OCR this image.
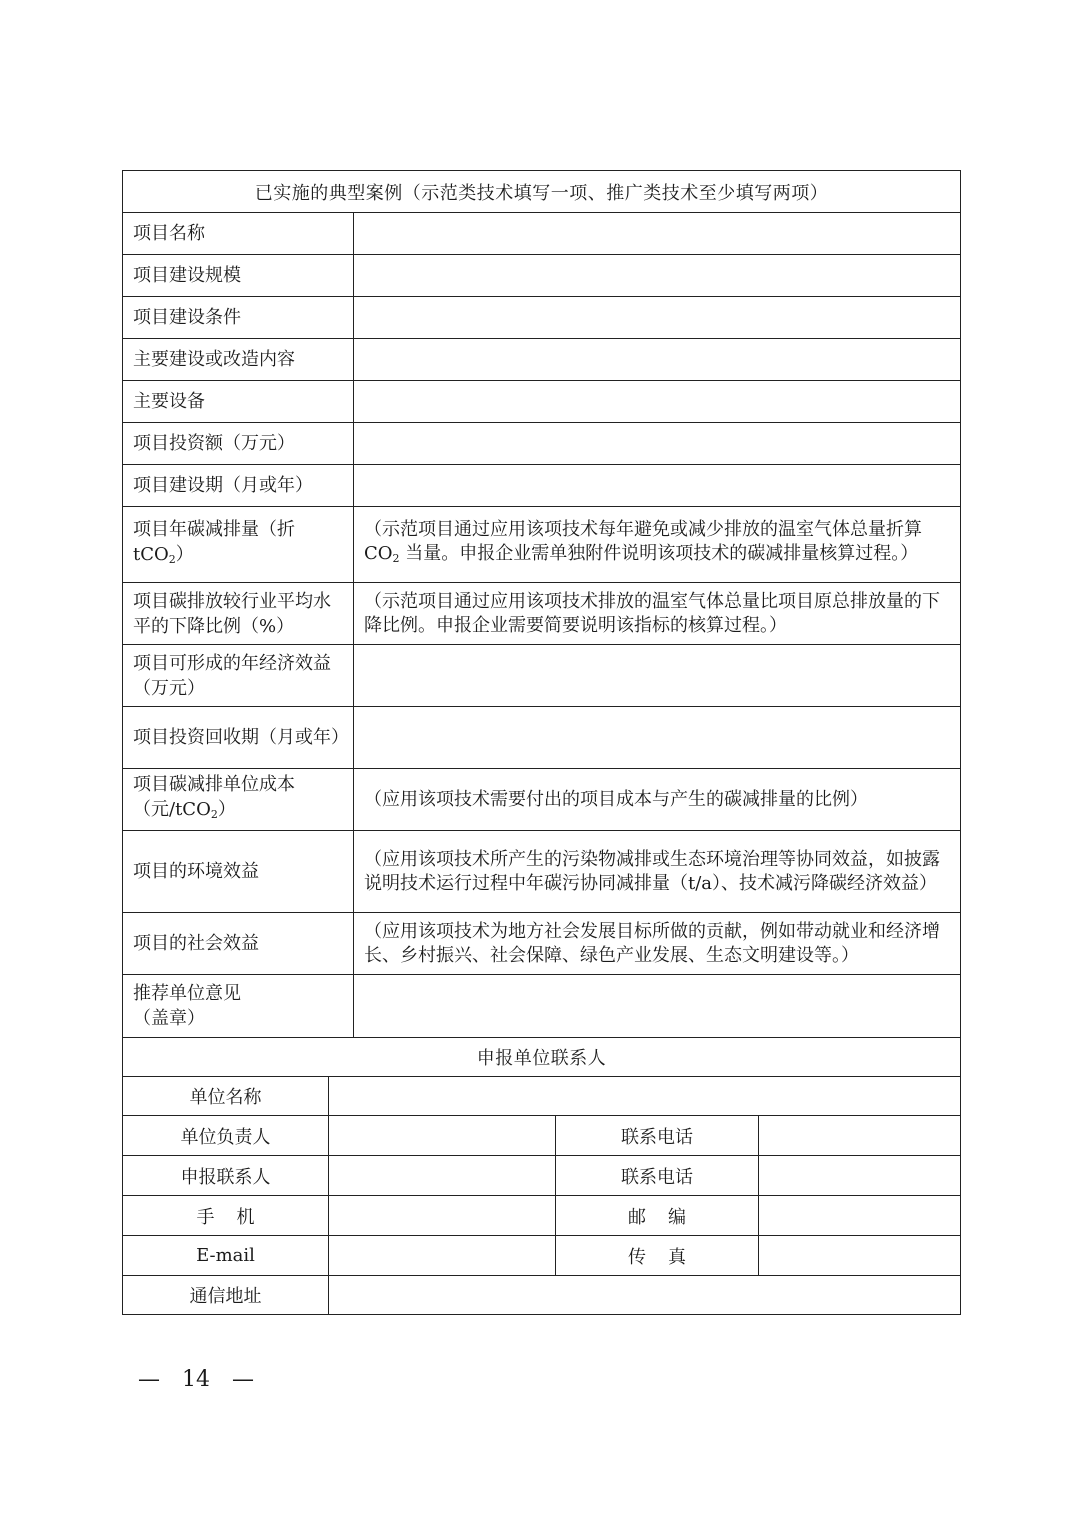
已实施的典型案例（示范类技术填写一项、推广类技术至少填写两项）				
项目名称				
项目建设规模				
项目建设条件				
主要建设或改造内容				
主要设备				
项目投资额（万元）				
项目建设期（月或年）				
项目年碳减排量（折
tCO$_2$）		（示范项目通过应用该项技术每年避免或减少排放的温室气体总量折算 $CO_2$ 当量。申报企业需单独附件说明该项技术的碳减排量核算过程。）		
项目碳排放较行业平均水平的下降比例（%）		（示范项目通过应用该项技术排放的温室气体总量比项目原总排放量的下降比例。申报企业需要简要说明该指标的核算过程。）		
项目可形成的年经济效益（万元）				
项目投资回收期（月或年）				
项目碳减排单位成本（元/tCO$_2$）		（应用该项技术需要付出的项目成本与产生的碳减排量的比例）		
项目的环境效益		（应用该项技术所产生的污染物减排或生态环境治理等协同效益，如披露说明技术运行过程中年碳污协同减排量（t/a）、技术减污降碳经济效益）		
项目的社会效益		（应用该项技术为地方社会发展目标所做的贡献，例如带动就业和经济增长、乡村振兴、社会保障、绿色产业发展、生态文明建设等。）		
推荐单位意见
（盖章）				
申报单位联系人				
单位名称				
单位负责人			联系电话	
申报联系人			联系电话	
手机			邮编	
E-mail			传真	
通信地址				
—　14　—
